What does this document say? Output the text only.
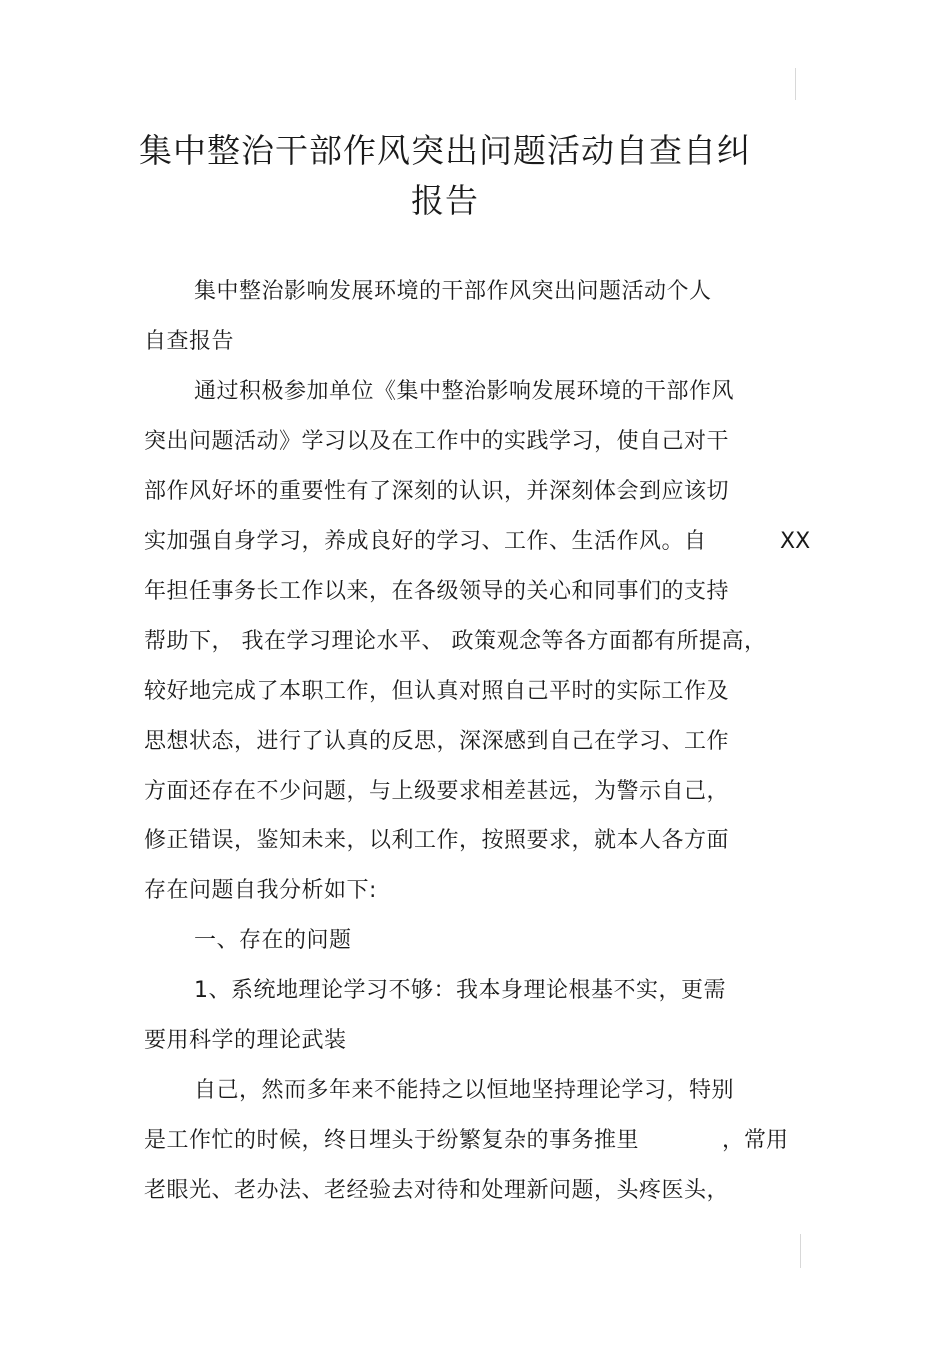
集中整治干部作风突出问题活动自查自纠
报告
集中整治影响发展环境的干部作风突出问题活动个人
自查报告
通过积极参加单位《集中整治影响发展环境的干部作风
突出问题活动》学习以及在工作中的实践学习，使自己对干
部作风好坏的重要性有了深刻的认识，并深刻体会到应该切
实加强自身学习，养成良好的学习、工作、生活作风。自	XX
年担任事务长工作以来，在各级领导的关心和同事们的支持
帮助下， 我在学习理论水平、 政策观念等各方面都有所提高，
较好地完成了本职工作，但认真对照自己平时的实际工作及
思想状态，进行了认真的反思，深深感到自己在学习、工作
方面还存在不少问题，与上级要求相差甚远，为警示自己，
修正错误，鉴知未来，以利工作，按照要求，就本人各方面
存在问题自我分析如下:
一、存在的问题
1、系统地理论学习不够：我本身理论根基不实，更需
要用科学的理论武装
自己，然而多年来不能持之以恒地坚持理论学习，特别
是工作忙的时候，终日埋头于纷繁复杂的事务推里	，常用
老眼光、老办法、老经验去对待和处理新问题，头疼医头，
